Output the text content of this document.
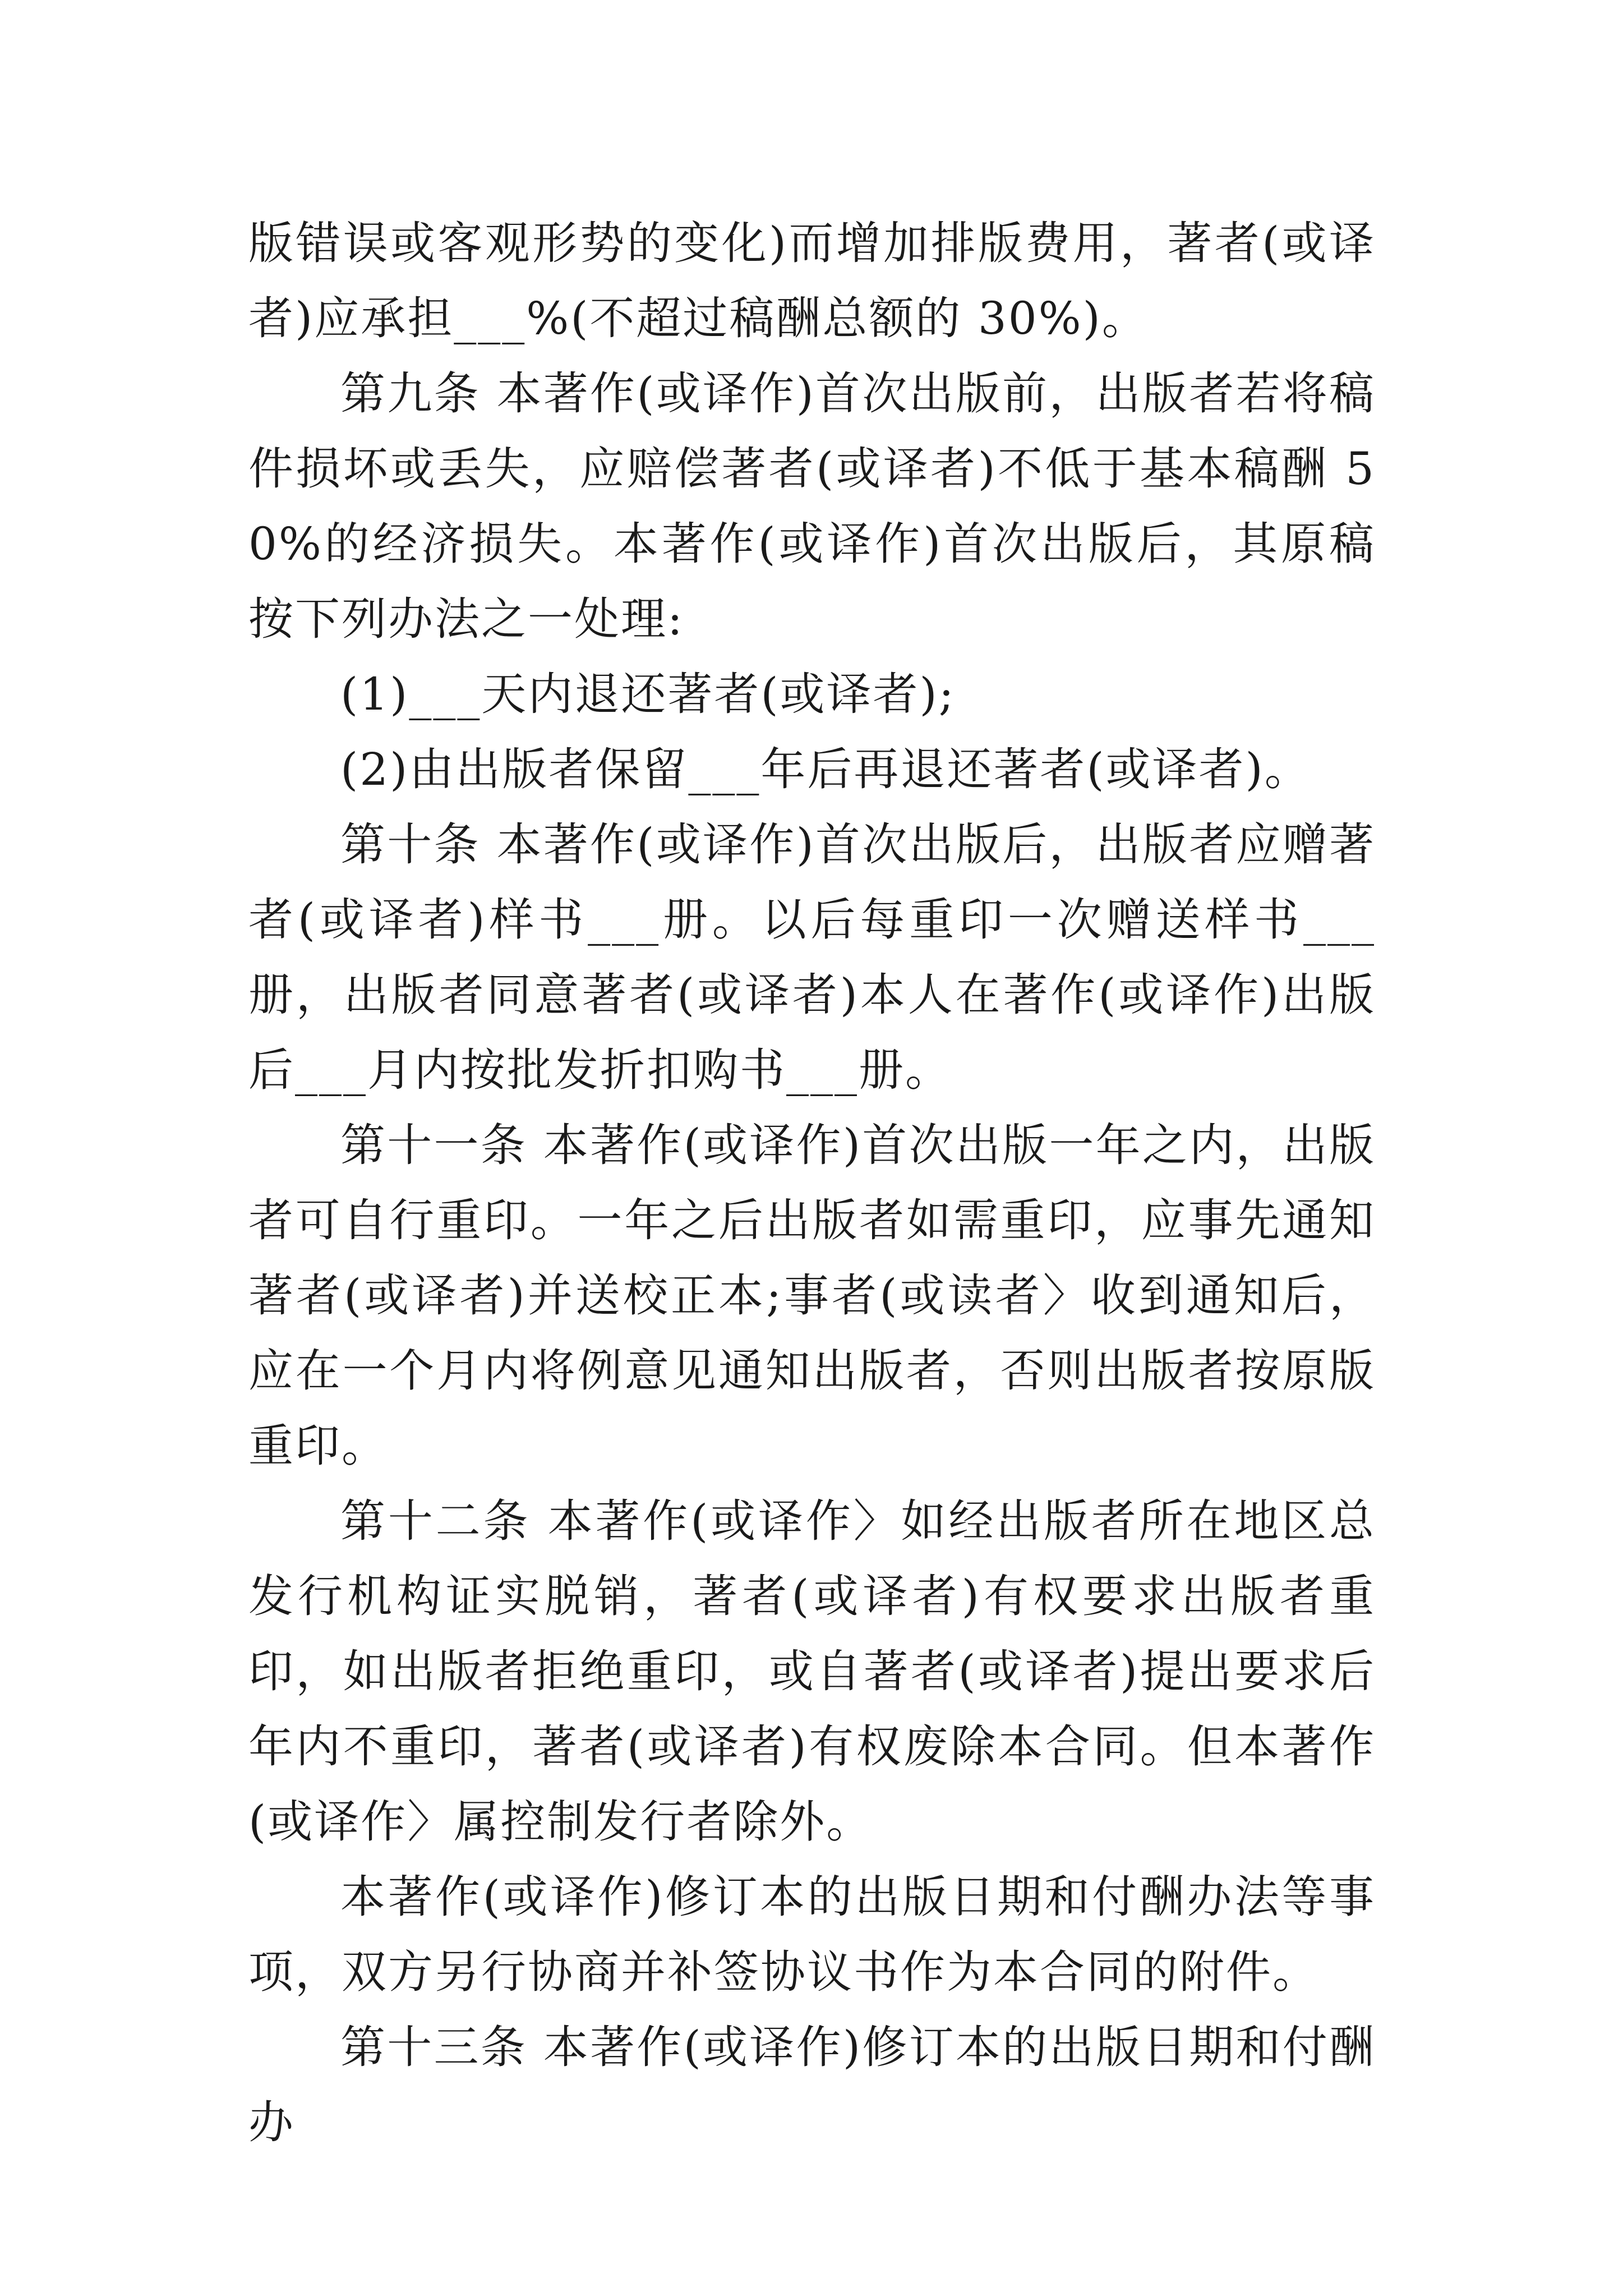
版错误或客观形势的变化)而增加排版费用，著者(或译者)应承担___%(不超过稿酬总额的 30%)。

第九条 本著作(或译作)首次出版前，出版者若将稿件损坏或丢失，应赔偿著者(或译者)不低于基本稿酬 50%的经济损失。本著作(或译作)首次出版后，其原稿按下列办法之一处理:

(1)___天内退还著者(或译者);

(2)由出版者保留___年后再退还著者(或译者)。

第十条 本著作(或译作)首次出版后，出版者应赠著者(或译者)样书___册。以后每重印一次赠送样书___册，出版者同意著者(或译者)本人在著作(或译作)出版后___月内按批发折扣购书___册。

第十一条 本著作(或译作)首次出版一年之内，出版者可自行重印。一年之后出版者如需重印，应事先通知著者(或译者)并送校正本;事者(或读者〉收到通知后，应在一个月内将例意见通知出版者，否则出版者按原版重印。

第十二条 本著作(或译作〉如经出版者所在地区总发行机构证实脱销，著者(或译者)有权要求出版者重印，如出版者拒绝重印，或自著者(或译者)提出要求后年内不重印，著者(或译者)有权废除本合同。但本著作(或译作〉属控制发行者除外。

本著作(或译作)修订本的出版日期和付酬办法等事项，双方另行协商并补签协议书作为本合同的附件。

第十三条 本著作(或译作)修订本的出版日期和付酬办
